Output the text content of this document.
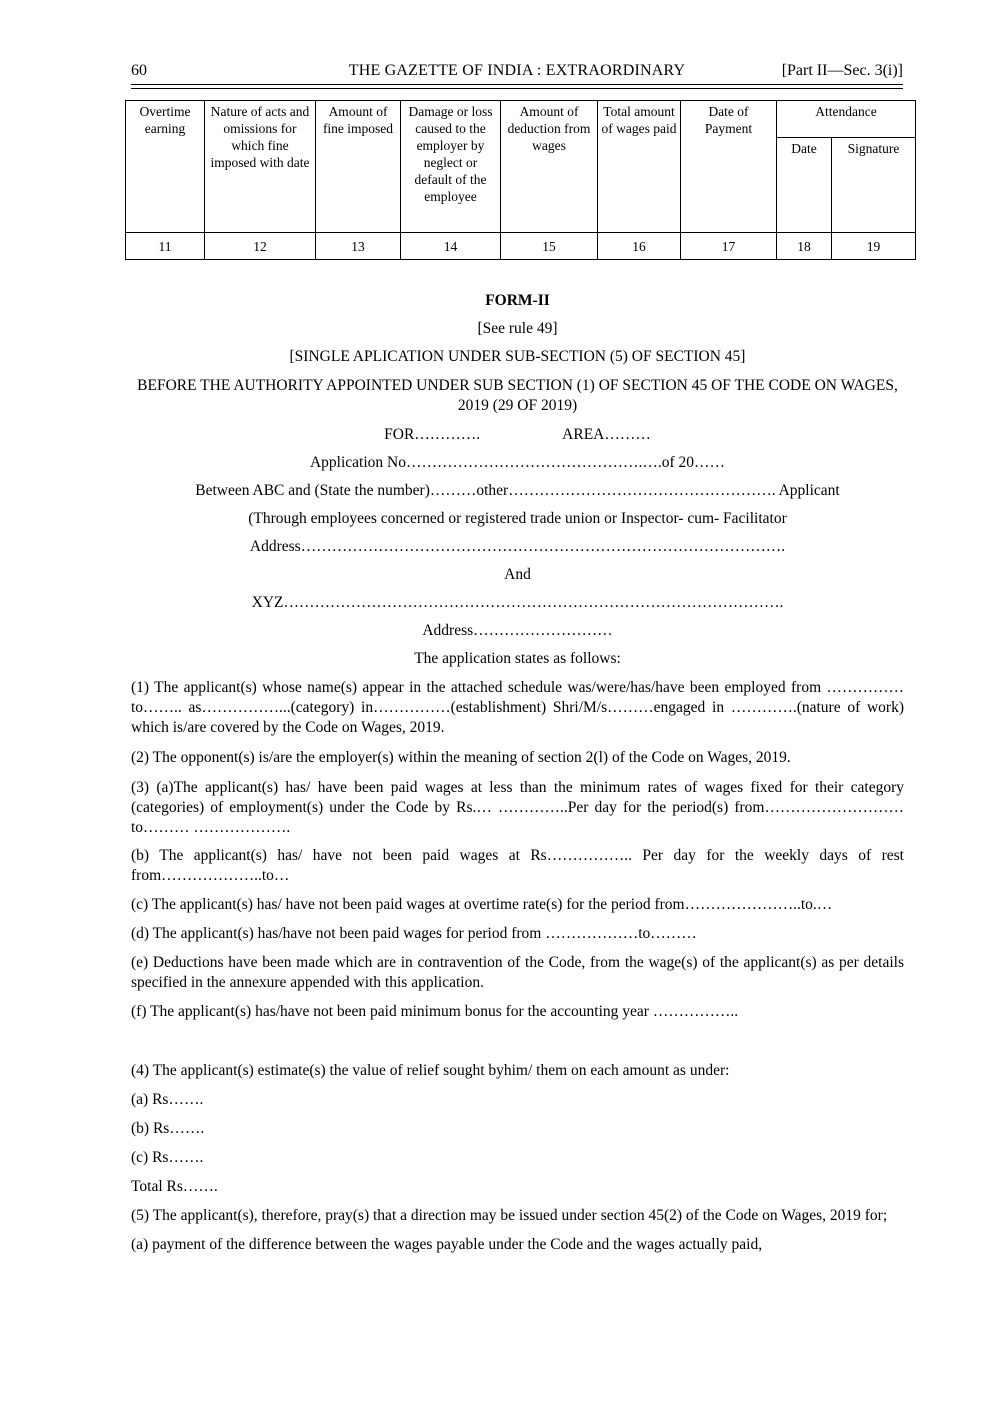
60	THE GAZETTE OF INDIA : EXTRAORDINARY	[Part II—Sec. 3(i)]
Overtime earning	Nature of acts and omissions for which fine imposed with date	Amount of fine imposed	Damage or loss caused to the employer by neglect or default of the employee	Amount of deduction from wages	Total amount of wages paid	Date of Payment	Attendance	
							Date	Signature
11	12	13	14	15	16	17	18	19

FORM-II

[See rule 49]

[SINGLE APLICATION UNDER SUB-SECTION (5) OF SECTION 45]

BEFORE THE AUTHORITY APPOINTED UNDER SUB SECTION (1) OF SECTION 45 OF THE CODE ON WAGES, 2019 (29 OF 2019)

FOR………….	AREA………

Application No……………………………………….….of 20……

Between ABC and (State the number)………other……………………………………………. Applicant

(Through employees concerned or registered trade union or Inspector- cum- Facilitator

Address………………………………………………………………………………….

And

XYZ…………………………………………………………………………………….

Address………………………

The application states as follows:

(1) The applicant(s) whose name(s) appear in the attached schedule was/were/has/have been employed from ……………to…….. as……………...(category) in……………(establishment) Shri/M/s………engaged in ………….(nature of work) which is/are covered by the Code on Wages, 2019.

(2) The opponent(s) is/are the employer(s) within the meaning of section 2(l) of the Code on Wages, 2019.

(3) (a)The applicant(s) has/ have been paid wages at less than the minimum rates of wages fixed for their category (categories) of employment(s) under the Code by Rs.… …………..Per day for the period(s) from………………………to……… ……………….

(b) The applicant(s) has/ have not been paid wages at Rs…………….. Per day for the weekly days of rest from………………..to…

(c) The applicant(s) has/ have not been paid wages at overtime rate(s) for the period from…………………..to.…

(d) The applicant(s) has/have not been paid wages for period from ………………to………

(e) Deductions have been made which are in contravention of the Code, from the wage(s) of the applicant(s) as per details specified in the annexure appended with this application.

(f) The applicant(s) has/have not been paid minimum bonus for the accounting year ……………..

(4) The applicant(s) estimate(s) the value of relief sought byhim/ them on each amount as under:

(a) Rs…….

(b) Rs…….

(c) Rs…….

Total Rs…….

(5) The applicant(s), therefore, pray(s) that a direction may be issued under section 45(2) of the Code on Wages, 2019 for;

(a) payment of the difference between the wages payable under the Code and the wages actually paid,
